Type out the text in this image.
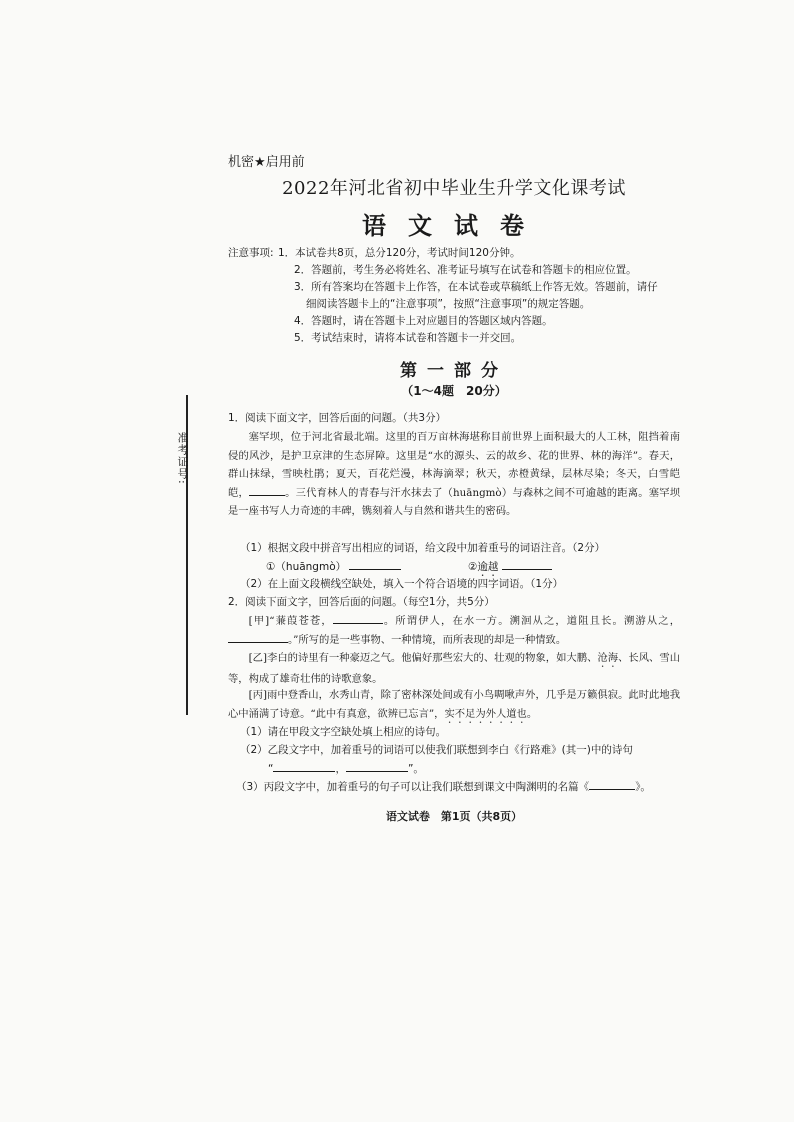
准考证号:
机密★启用前
2022年河北省初中毕业生升学文化课考试
语文试卷
注意事项: 1．本试卷共8页，总分120分，考试时间120分钟。
2．答题前，考生务必将姓名、准考证号填写在试卷和答题卡的相应位置。
3．所有答案均在答题卡上作答，在本试卷或草稿纸上作答无效。答题前，请仔
细阅读答题卡上的“注意事项”，按照“注意事项”的规定答题。
4．答题时，请在答题卡上对应题目的答题区域内答题。
5．考试结束时，请将本试卷和答题卡一并交回。
第一部分
（1～4题　20分）
1．阅读下面文字，回答后面的问题。（共3分）
塞罕坝，位于河北省最北端。这里的百万亩林海堪称目前世界上面积最大的人工林，阻挡着南侵的风沙，是护卫京津的生态屏障。这里是“水的源头、云的故乡、花的世界、林的海洋”。春天，群山抹绿，雪映杜鹃；夏天，百花烂漫，林海滴翠；秋天，赤橙黄绿，层林尽染；冬天，白雪皑皑，	。三代育林人的青春与汗水抹去了（huāngmò）与森林之间不可逾越的距离。塞罕坝是一座书写人力奇迹的丰碑，镌刻着人与自然和谐共生的密码。
（1）根据文段中拼音写出相应的词语，给文段中加着重号的词语注音。（2分）
①（huāngmò）	②逾越
（2）在上面文段横线空缺处，填入一个符合语境的四字词语。（1分）
2．阅读下面文字，回答后面的问题。（每空1分，共5分）
[甲]“蒹葭苍苍，	。所谓伊人，在水一方。溯洄从之，道阻且长。溯游从之，。”所写的是一些事物、一种情境，而所表现的却是一种情致。
[乙]李白的诗里有一种豪迈之气。他偏好那些宏大的、壮观的物象，如大鹏、沧海、长风、雪山等，构成了雄奇壮伟的诗歌意象。
[丙]雨中登香山，水秀山青，除了密林深处间或有小鸟啁啾声外，几乎是万籁俱寂。此时此地我心中涌满了诗意。“此中有真意，欲辨已忘言”，实不足为外人道也。
（1）请在甲段文字空缺处填上相应的诗句。
（2）乙段文字中，加着重号的词语可以使我们联想到李白《行路难》(其一)中的诗句
“	，	”。
（3）丙段文字中，加着重号的句子可以让我们联想到课文中陶渊明的名篇《	》。
语文试卷　第1页（共8页）
